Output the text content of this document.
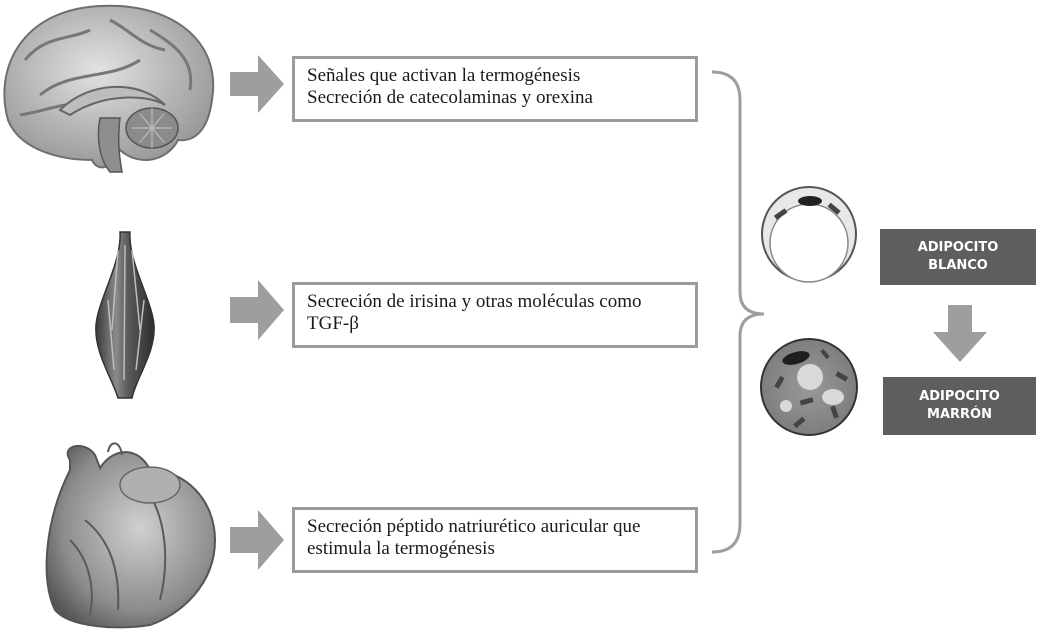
Señales que activan la termogénesis
Secreción de catecolaminas y orexina
Secreción de irisina y otras moléculas como
TGF-β
Secreción péptido natriurético auricular que
estimula la termogénesis
ADIPOCITO
BLANCO
ADIPOCITO
MARRÓN
